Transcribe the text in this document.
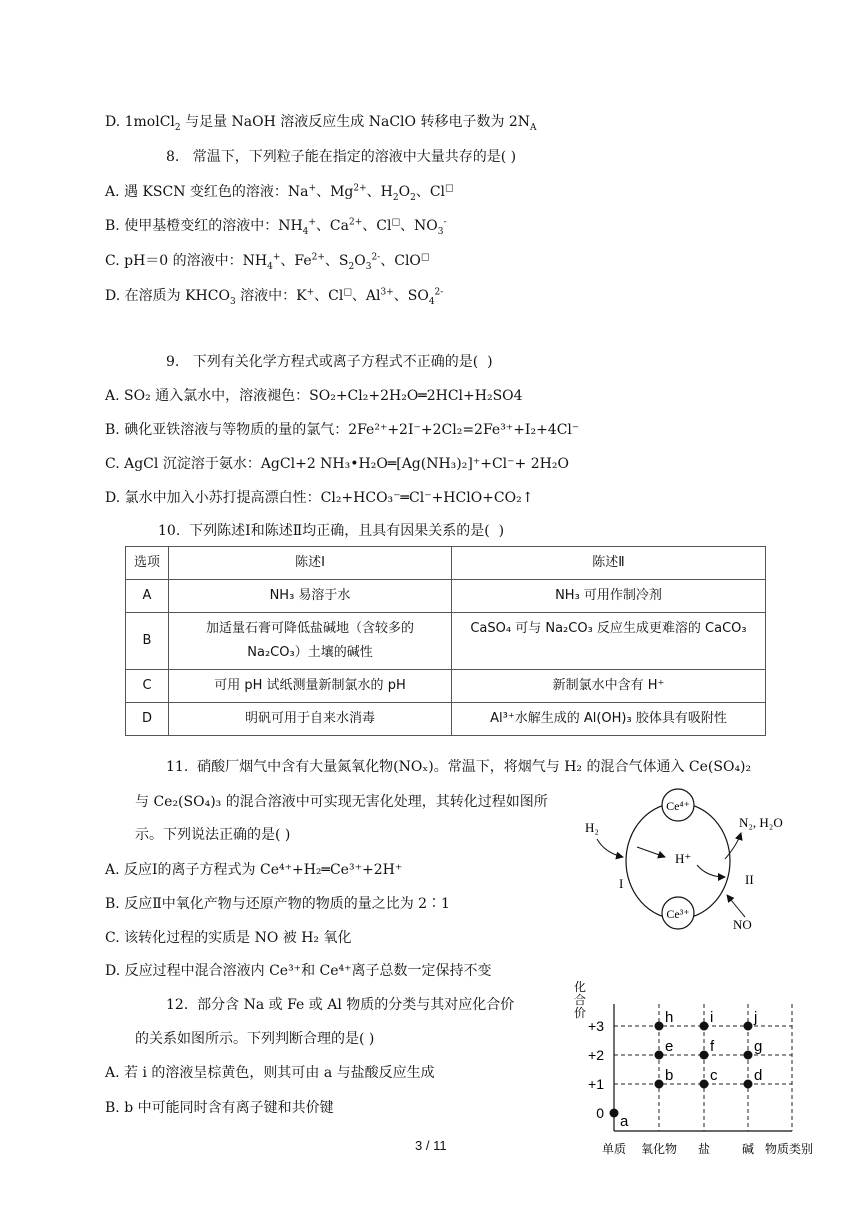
D. 1molCl$_2$ 与足量 NaOH 溶液反应生成 NaClO 转移电子数为 $2N_A$
8.   常温下，下列粒子能在指定的溶液中大量共存的是( )
A. 遇 KSCN 变红色的溶液：Na+、$Mg^{2+}$、$H_2O_2$、Cl□
B. 使甲基橙变红的溶液中：$NH_4^+$、$Ca^{2+}$、Cl□、$NO_3^-$
C. pH＝0 的溶液中：$NH_4^+$、$Fe^{2+}$、$S_2O_3^{2-}$、ClO□
D. 在溶质为 $KHCO_3$ 溶液中：K+、Cl□、$Al^{3+}$、$SO_4^{2-}$
9.   下列有关化学方程式或离子方程式不正确的是(  )
A. SO₂ 通入氯水中，溶液褪色：SO₂+Cl₂+2H₂O═2HCl+H₂SO4
B. 碘化亚铁溶液与等物质的量的氯气：2Fe²⁺+2I⁻+2Cl₂=2Fe³⁺+I₂+4Cl⁻
C. AgCl 沉淀溶于氨水：AgCl+2 NH₃•H₂O═[Ag(NH₃)₂]⁺+Cl⁻+ 2H₂O
D. 氯水中加入小苏打提高漂白性：Cl₂+HCO₃⁻═Cl⁻+HClO+CO₂↑
10.  下列陈述Ⅰ和陈述Ⅱ均正确，且具有因果关系的是(  )
选项	陈述Ⅰ	陈述Ⅱ
A	NH₃ 易溶于水	NH₃ 可用作制冷剂
B	加适量石膏可降低盐碱地（含较多的 Na₂CO₃）土壤的碱性	CaSO₄ 可与 Na₂CO₃ 反应生成更难溶的 CaCO₃
C	可用 pH 试纸测量新制氯水的 pH	新制氯水中含有 H⁺
D	明矾可用于自来水消毒	Al³⁺水解生成的 Al(OH)₃ 胶体具有吸附性
11.  硝酸厂烟气中含有大量氮氧化物(NOₓ)。常温下，将烟气与 H₂ 的混合气体通入 Ce(SO₄)₂
与 Ce₂(SO₄)₃ 的混合溶液中可实现无害化处理，其转化过程如图所
示。下列说法正确的是( )
A. 反应Ⅰ的离子方程式为 Ce⁴⁺+H₂═Ce³⁺+2H⁺
B. 反应Ⅱ中氧化产物与还原产物的物质的量之比为 2∶1
C. 该转化过程的实质是 NO 被 H₂ 氧化
D. 反应过程中混合溶液内 Ce³⁺和 Ce⁴⁺离子总数一定保持不变
Ce⁴⁺
Ce³⁺
H₂
H⁺
N₂, H₂O
I	II
NO
12.  部分含 Na 或 Fe 或 Al 物质的分类与其对应化合价
的关系如图所示。下列判断合理的是( )
A. 若 i 的溶液呈棕黄色，则其可由 a 与盐酸反应生成
B. b 中可能同时含有离子键和共价键
化
合
价
物质类别
+3
+2
+1
0
单质 氧化物 盐	碱
a
b
e
h
c
f
i
d
g
j
3 / 11
